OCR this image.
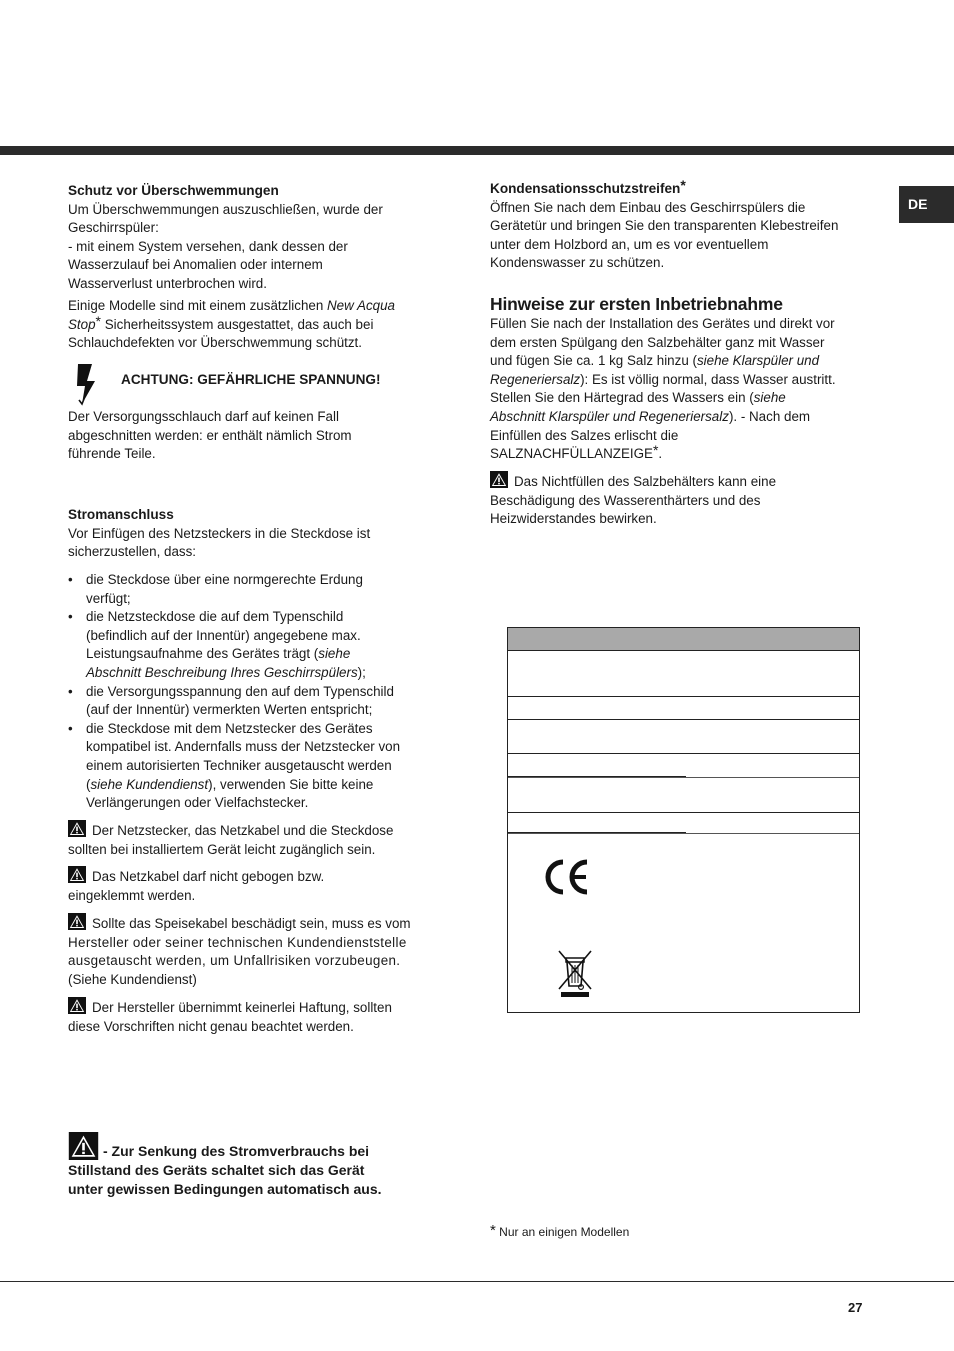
DE
Schutz vor Überschwemmungen
Um Überschwemmungen auszuschließen, wurde der
Geschirrspüler:
- mit einem System versehen, dank dessen der
Wasserzulauf bei Anomalien oder internem
Wasserverlust unterbrochen wird.
Einige Modelle sind mit einem zusätzlichen New Acqua
Stop* Sicherheitssystem ausgestattet, das auch bei
Schlauchdefekten vor Überschwemmung schützt.
ACHTUNG: GEFÄHRLICHE SPANNUNG!
Der Versorgungsschlauch darf auf keinen Fall
abgeschnitten werden: er enthält nämlich Strom
führende Teile.
Stromanschluss
Vor Einfügen des Netzsteckers in die Steckdose ist
sicherzustellen, dass:
• die Steckdose über eine normgerechte Erdung
verfügt;
• die Netzsteckdose die auf dem Typenschild
(befindlich auf der Innentür) angegebene max.
Leistungsaufnahme des Gerätes trägt (siehe
Abschnitt Beschreibung Ihres Geschirrspülers);
• die Versorgungsspannung den auf dem Typenschild
(auf der Innentür) vermerkten Werten entspricht;
• die Steckdose mit dem Netzstecker des Gerätes
kompatibel ist. Andernfalls muss der Netzstecker von
einem autorisierten Techniker ausgetauscht werden
(siehe Kundendienst), verwenden Sie bitte keine
Verlängerungen oder Vielfachstecker.
Der Netzstecker, das Netzkabel und die Steckdose
sollten bei installiertem Gerät leicht zugänglich sein.
Das Netzkabel darf nicht gebogen bzw.
eingeklemmt werden.
Sollte das Speisekabel beschädigt sein, muss es vom
Hersteller oder seiner technischen Kundendienststelle
ausgetauscht werden, um Unfallrisiken vorzubeugen.
(Siehe Kundendienst)
Der Hersteller übernimmt keinerlei Haftung, sollten
diese Vorschriften nicht genau beachtet werden.
- Zur Senkung des Stromverbrauchs bei
Stillstand des Geräts schaltet sich das Gerät
unter gewissen Bedingungen automatisch aus.
Kondensationsschutzstreifen*
Öffnen Sie nach dem Einbau des Geschirrspülers die
Gerätetür und bringen Sie den transparenten Klebestreifen
unter dem Holzbord an, um es vor eventuellem
Kondenswasser zu schützen.
Hinweise zur ersten Inbetriebnahme
Füllen Sie nach der Installation des Gerätes und direkt vor
dem ersten Spülgang den Salzbehälter ganz mit Wasser
und fügen Sie ca. 1 kg Salz hinzu (siehe Klarspüler und
Regeneriersalz): Es ist völlig normal, dass Wasser austritt.
Stellen Sie den Härtegrad des Wassers ein (siehe
Abschnitt Klarspüler und Regeneriersalz). - Nach dem
Einfüllen des Salzes erlischt die
SALZNACHFÜLLANZEIGE*.
Das Nichtfüllen des Salzbehälters kann eine
Beschädigung des Wasserenthärters und des
Heizwiderstandes bewirken.
* Nur an einigen Modellen
27
